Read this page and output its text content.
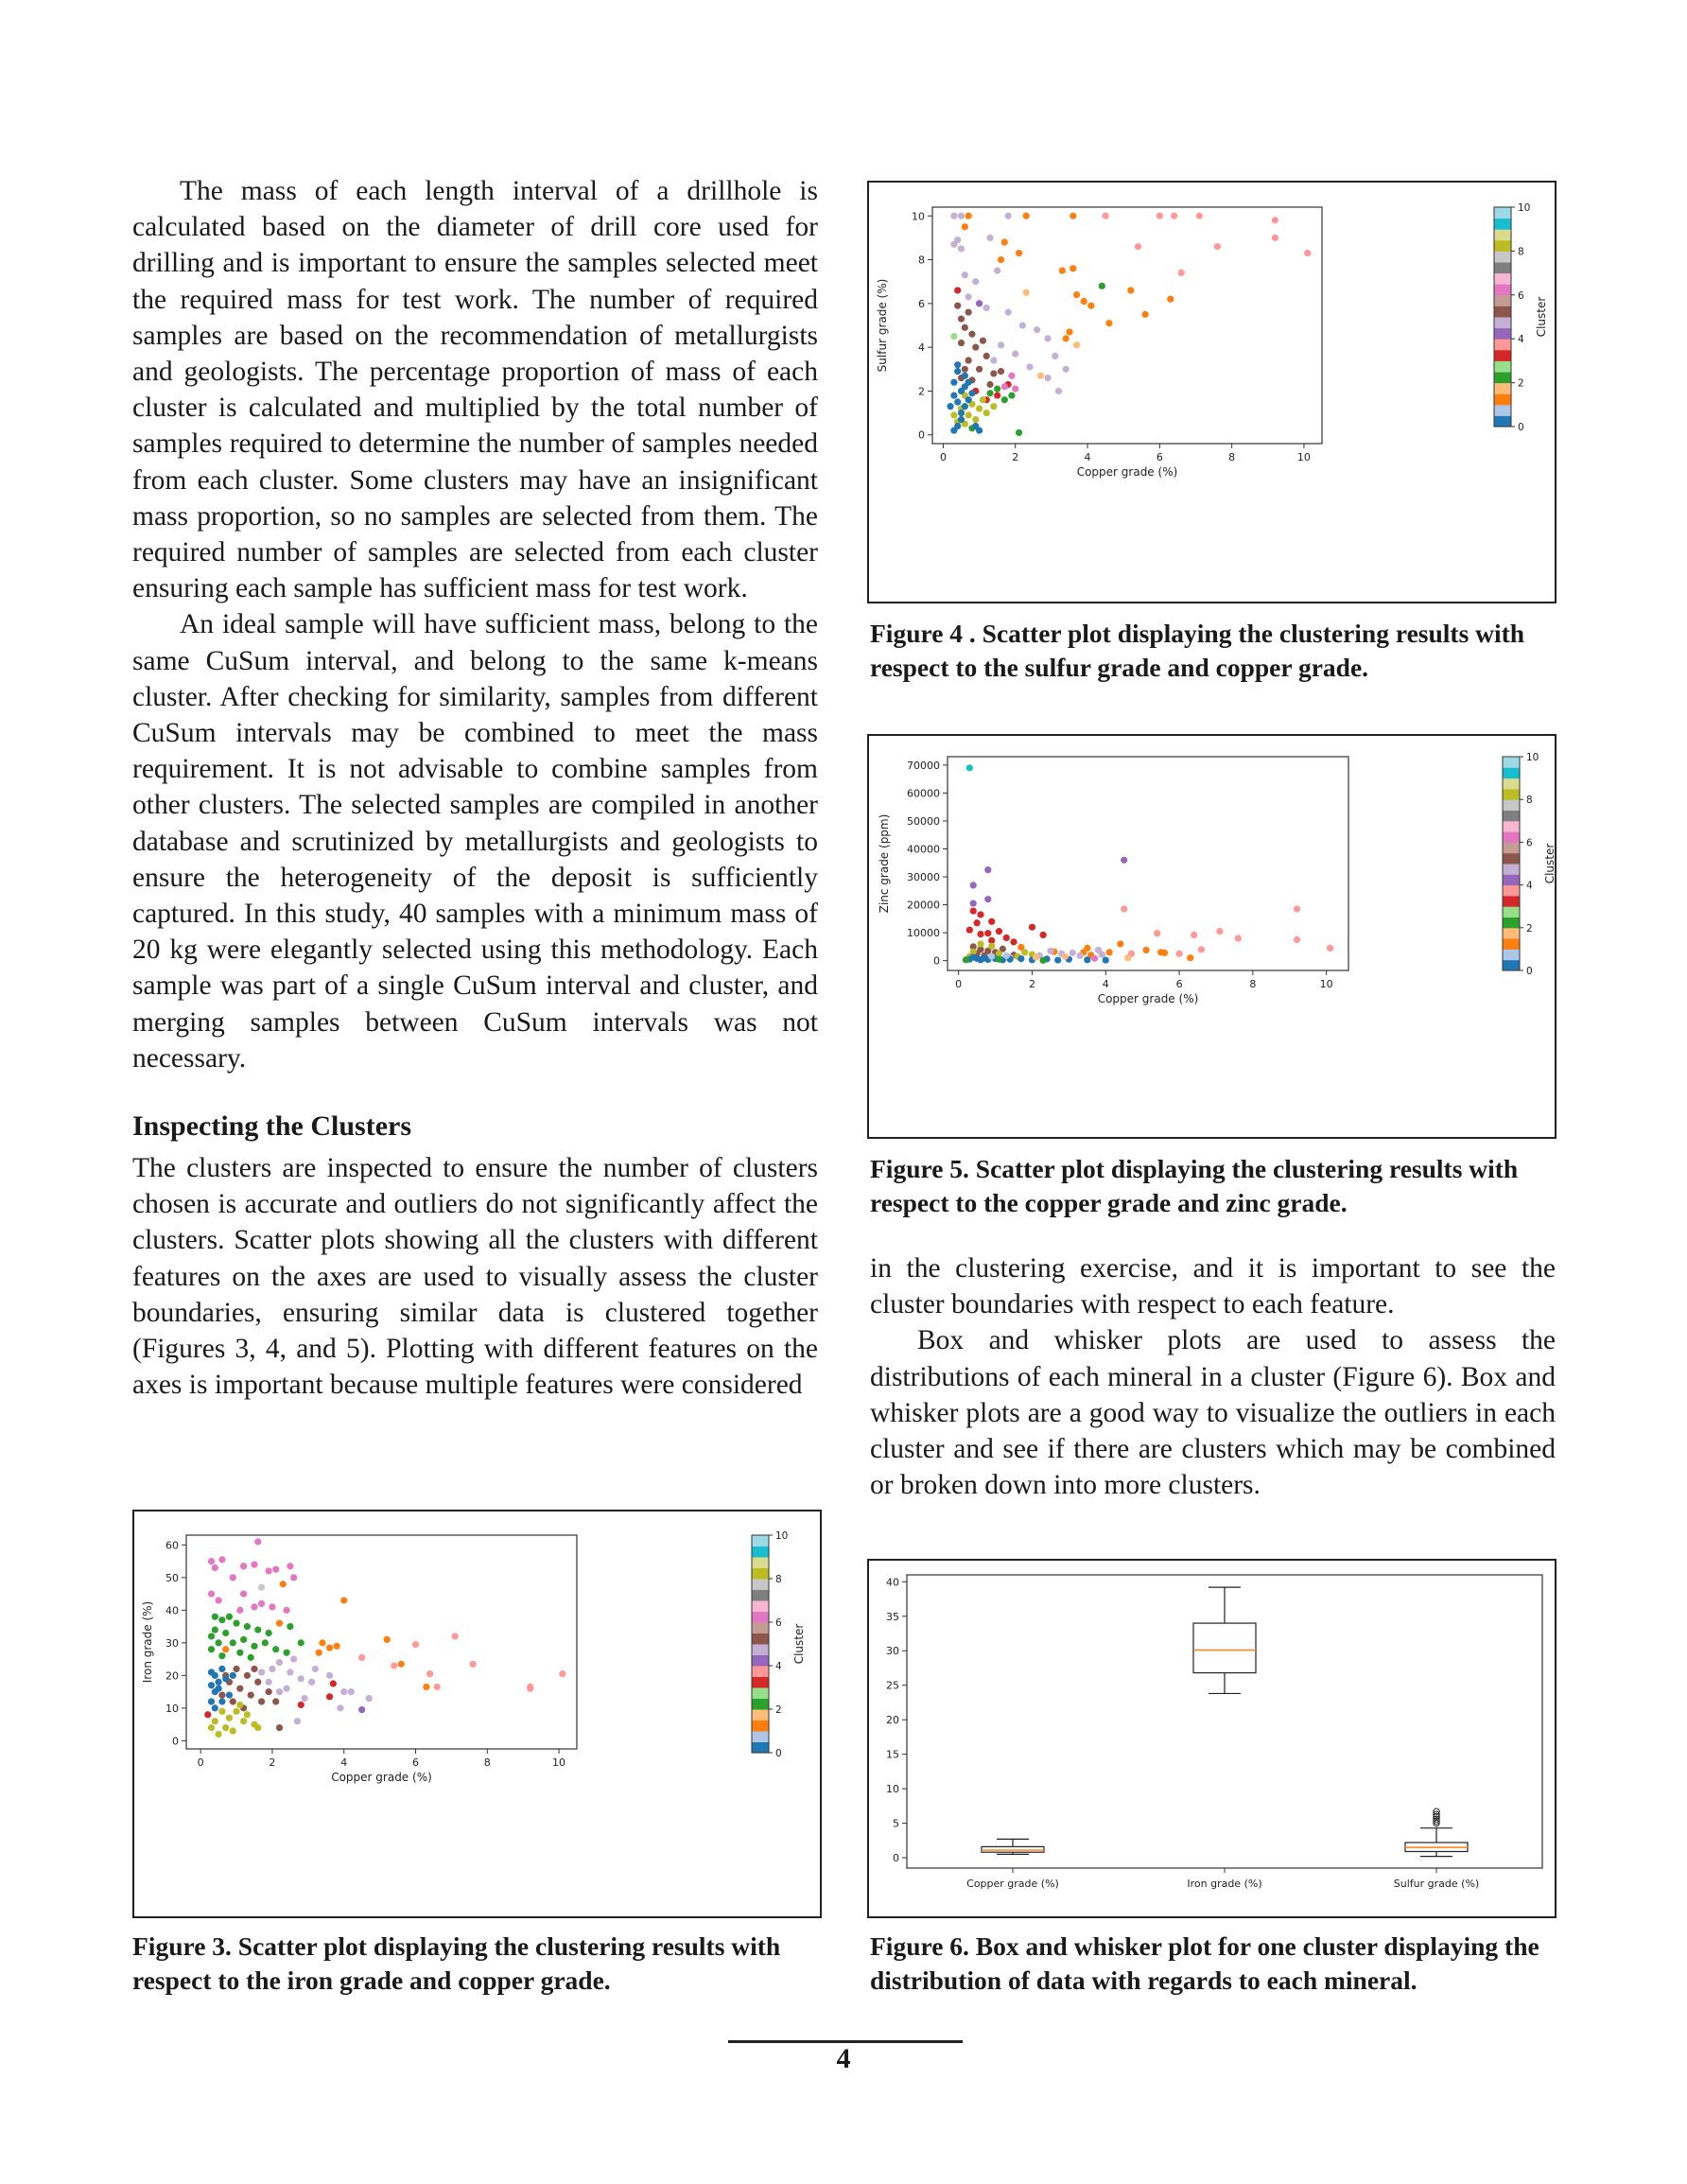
The mass of each length interval of a drillhole is calculated based on the diameter of drill core used for drilling and is important to ensure the samples selected meet the required mass for test work. The number of required samples are based on the recommendation of metallurgists and geologists. The percentage proportion of mass of each cluster is calculated and multiplied by the total number of samples required to determine the number of samples needed from each cluster. Some clusters may have an insignificant mass proportion, so no samples are selected from them. The required number of samples are selected from each cluster ensuring each sample has sufficient mass for test work.

An ideal sample will have sufficient mass, belong to the same CuSum interval, and belong to the same k-means cluster. After checking for similarity, samples from different CuSum intervals may be combined to meet the mass requirement. It is not advisable to combine samples from other clusters. The selected samples are compiled in another database and scrutinized by metallurgists and geologists to ensure the heterogeneity of the deposit is sufficiently captured. In this study, 40 samples with a minimum mass of 20 kg were elegantly selected using this methodology. Each sample was part of a single CuSum interval and cluster, and merging samples between CuSum intervals was not necessary.

Inspecting the Clusters

The clusters are inspected to ensure the number of clusters chosen is accurate and outliers do not significantly affect the clusters. Scatter plots showing all the clusters with different features on the axes are used to visually assess the cluster boundaries, ensuring similar data is clustered together (Figures 3, 4, and 5). Plotting with different features on the axes is important because multiple features were considered

in the clustering exercise, and it is important to see the cluster boundaries with respect to each feature.

Box and whisker plots are used to assess the distributions of each mineral in a cluster (Figure 6). Box and whisker plots are a good way to visualize the outliers in each cluster and see if there are clusters which may be combined or broken down into more clusters.

0	2	4	6	8	10
0
2
4
6
8
10
Copper grade (%)
Sulfur grade (%)
0
2
4
6
8
10
Cluster
Figure 4 . Scatter plot displaying the clustering results with respect to the sulfur grade and copper grade.
0	2	4	6	8	10
0
10000
20000
30000
40000
50000
60000
70000
Copper grade (%)
Zinc grade (ppm)
0
2
4
6
8
10
Cluster
Figure 5. Scatter plot displaying the clustering results with respect to the copper grade and zinc grade.
0	2	4	6	8	10
0
10
20
30
40
50
60
Copper grade (%)
Iron grade (%)
0
2
4
6
8
10
Cluster
Figure 3. Scatter plot displaying the clustering results with respect to the iron grade and copper grade.
0
5
10
15
20
25
30
35
40
Copper grade (%)	Iron grade (%)	Sulfur grade (%)
Figure 6. Box and whisker plot for one cluster displaying the distribution of data with regards to each mineral.
4
